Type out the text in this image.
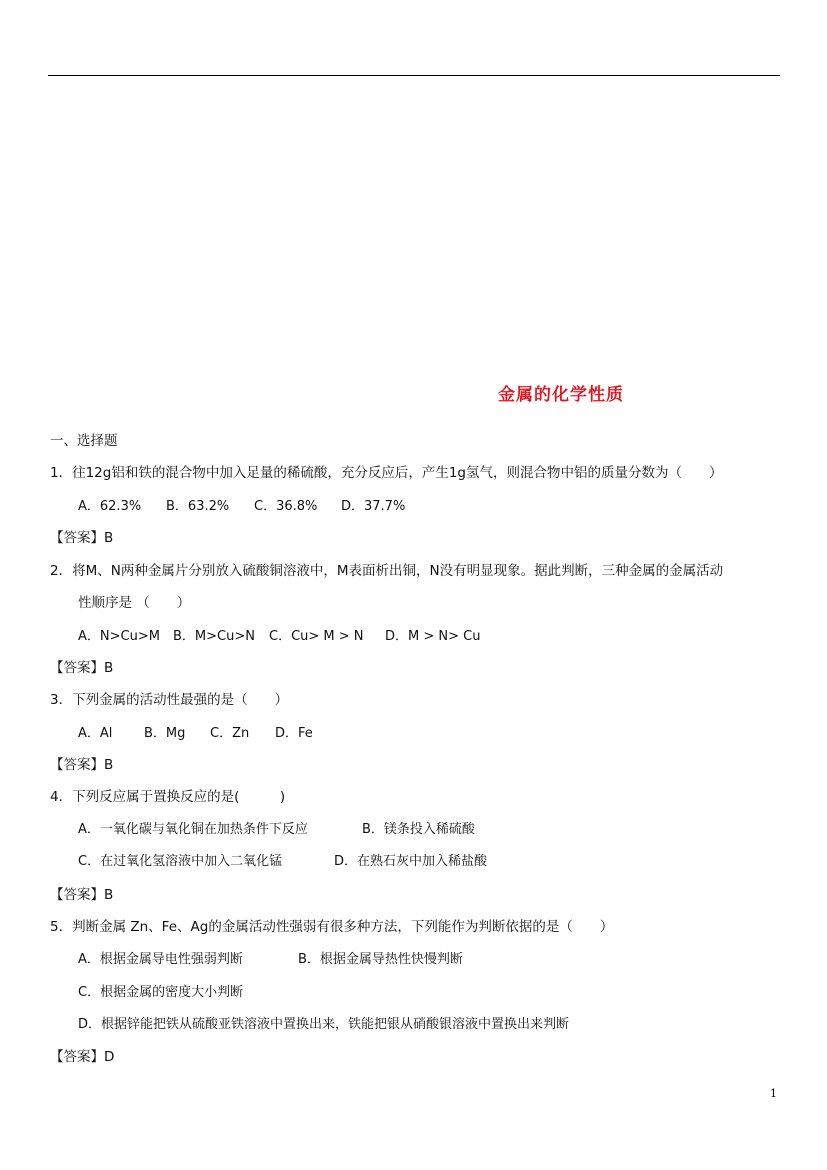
金属的化学性质
一、选择题
1．往12g铝和铁的混合物中加入足量的稀硫酸，充分反应后，产生1g氢气，则混合物中铝的质量分数为（　　）
A．62.3% B．63.2% C．36.8% D．37.7%
【答案】B
2．将M、N两种金属片分别放入硫酸铜溶液中，M表面析出铜，N没有明显现象。据此判断，三种金属的金属活动
性顺序是 （　　）
A．N>Cu>M B．M>Cu>N C．Cu> M > N D．M > N> Cu
【答案】B
3．下列金属的活动性最强的是（　　）
A．Al B．Mg C．Zn D．Fe
【答案】B
4．下列反应属于置换反应的是(　　　)
A．一氧化碳与氧化铜在加热条件下反应	B．镁条投入稀硫酸
C．在过氧化氢溶液中加入二氧化锰	D．在熟石灰中加入稀盐酸
【答案】B
5．判断金属 Zn、Fe、Ag的金属活动性强弱有很多种方法，下列能作为判断依据的是（　　）
A．根据金属导电性强弱判断	B．根据金属导热性快慢判断
C．根据金属的密度大小判断
D．根据锌能把铁从硫酸亚铁溶液中置换出来，铁能把银从硝酸银溶液中置换出来判断
【答案】D
1
